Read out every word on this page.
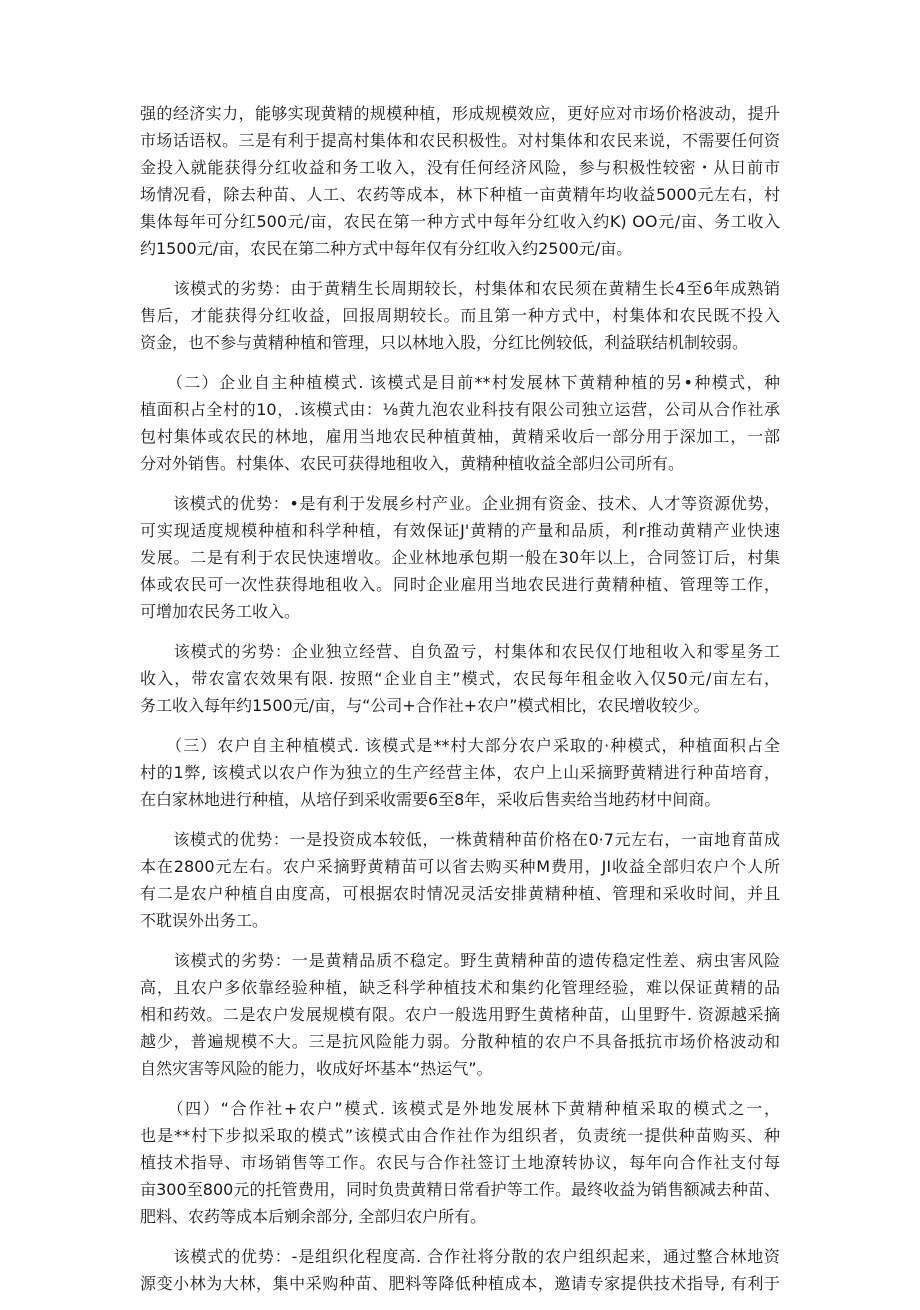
强的经济实力，能够实现黄精的规模种植，形成规模效应，更好应对市场价格波动，提升
市场话语权。三是有利于提高村集体和农民积极性。对村集体和农民来说，不需要任何资
金投入就能获得分红收益和务工收入，没有任何经济风险，参与积极性较密・从日前市
场情况看，除去种苗、人工、农药等成本，林下种植一亩黄精年均收益5000元左右，村
集体每年可分红500元/亩，农民在第一种方式中每年分红收入约K) OO元/亩、务工收入
约1500元/亩，农民在第二种方式中每年仅有分红收入约2500元/亩。

　　该模式的劣势：由于黄精生长周期较长，村集体和农民须在黄精生长4至6年成熟销
售后，才能获得分红收益，回报周期较长。而且第一种方式中，村集体和农民既不投入
资金，也不参与黄精种植和管理，只以林地入股，分红比例较低，利益联结机制较弱。

　　（二）企业自主种植模式. 该模式是目前**村发展林下黄精种植的另•种模式，种
植面积占全村的10，.该模式由：⅛黄九泡农业科技有限公司独立运营，公司从合作社承
包村集体或农民的林地，雇用当地农民种植黄柚，黄精采收后一部分用于深加工，一部
分对外销售。村集体、农民可获得地租收入，黄精种植收益全部归公司所有。

　　该模式的优势：•是有利于发展乡村产业。企业拥有资金、技术、人才等资源优势，
可实现适度规模种植和科学种植，有效保证J'黄精的产量和品质，利r推动黄精产业快速
发展。二是有利于农民快速增收。企业林地承包期一般在30年以上，合同签订后，村集
体或农民可一次性获得地租收入。同时企业雇用当地农民进行黄精种植、管理等工作，
可增加农民务工收入。

　　该模式的劣势：企业独立经营、自负盈亏，村集体和农民仅仃地租收入和零星务工
收入，带农富农效果有限. 按照“企业自主”模式，农民每年租金收入仅50元/亩左右，
务工收入每年约1500元/亩，与“公司+合作社+农户”模式相比，农民增收较少。

　　（三）农户自主种植模式. 该模式是**村大部分农户采取的·种模式，种植面积占全
村的1弊, 该模式以农户作为独立的生产经营主体，农户上山采摘野黄精进行种苗培育，
在白家林地进行种植，从培仔到采收需要6至8年，采收后售卖给当地药材中间商。

　　该模式的优势：一是投资成本较低，一株黄精种苗价格在0·7元左右，一亩地育苗成
本在2800元左右。农户采摘野黄精苗可以省去购买种M费用，JI收益全部归农户个人所
有二是农户种植自由度高，可根据农时情况灵活安排黄精种植、管理和采收时间，并且
不耽误外出务工。

　　该模式的劣势：一是黄精品质不稳定。野生黄精种苗的遗传稳定性差、病虫害风险
高，且农户多依靠经验种植，缺乏科学种植技术和集约化管理经验，难以保证黄精的品
相和药效。二是农户发展规模有限。农户一般选用野生黄楮种苗，山里野牛. 资源越采摘
越少，普遍规模不大。三是抗风险能力弱。分散种植的农户不具备抵抗市场价格波动和
自然灾害等风险的能力，收成好坏基本“热运气”。

　　（四）“合作社+农户”模式. 该模式是外地发展林下黄精种植采取的模式之一，
也是**村下步拟采取的模式”该模式由合作社作为组织者，负责统一提供种苗购买、种
植技术指导、市场销售等工作。农民与合作社签订土地潦转协议，每年向合作社支付每
亩300至800元的托管费用，同时负贵黄精日常看护等工作。最终收益为销售额减去种苗、
肥料、农药等成本后剜余部分, 全部归农户所有。

　　该模式的优势：-是组织化程度高. 合作社将分散的农户组织起来，通过整合林地资
源变小林为大林，集中采购种苗、肥料等降低种植成本，邀请专家提供技术指导, 有利于
